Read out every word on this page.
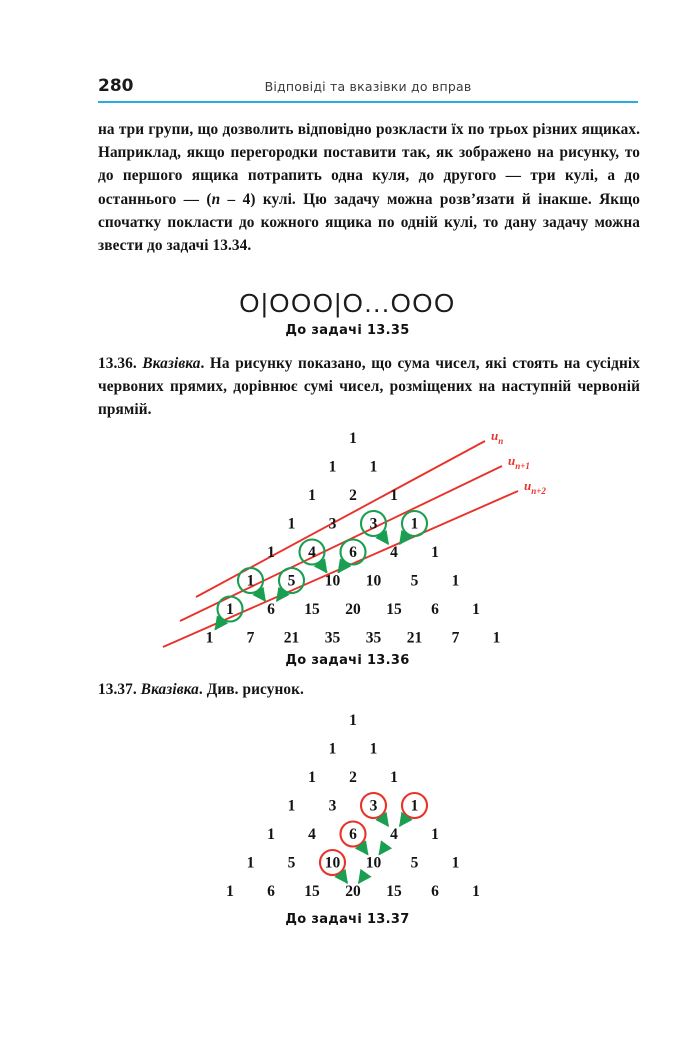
280	Відповіді та вказівки до вправ
на три групи, що дозволить відповідно розкласти їх по трьох різних ящиках. Наприклад, якщо перегородки поставити так, як зображено на рисунку, то до першого ящика потрапить одна куля, до другого — три кулі, а до останнього — (n – 4) кулі. Цю задачу можна розв’язати й інакше. Якщо спочатку покласти до кожного ящика по одній кулі, то дану задачу можна звести до задачі 13.34.
O|OOO|O...OOO
До задачі 13.35
13.36. Вказівка. На рисунку показано, що сума чисел, які стоять на сусідніх червоних прямих, дорівнює сумі чисел, розміщених на наступній червоній прямій.
1
1 1
1 2 1
1 3 3 1
1 4 6 4 1
1 5 10 10 5 1
1 6 15 20 15 6 1
1 7 21 35 35 21 7 1
$u_n$
$u_{n+1}$
$u_{n+2}$
До задачі 13.36
13.37. Вказівка. Див. рисунок.
1
1 1
1 2 1
1 3 3 1
1 4 6 4 1
1 5 10 10 5 1
1 6 15 20 15 6 1
До задачі 13.37
